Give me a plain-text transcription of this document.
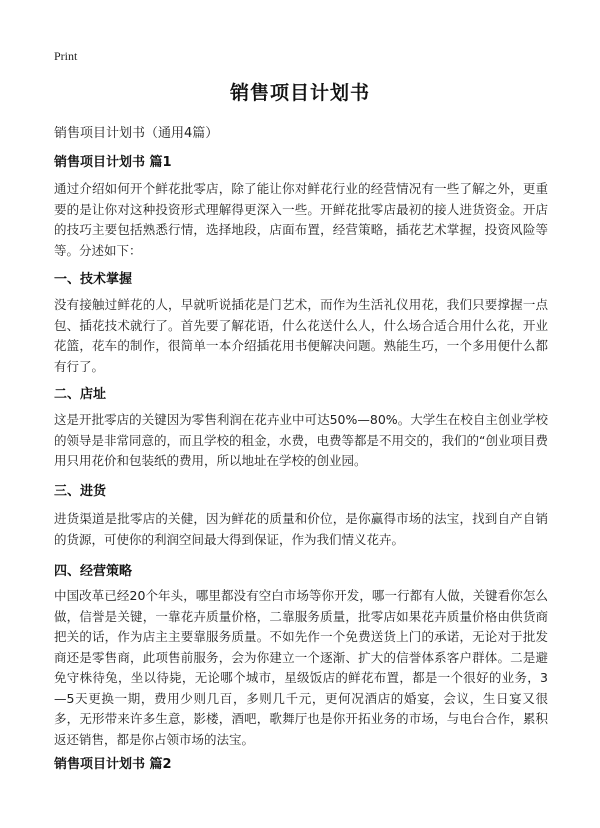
Print
销售项目计划书
销售项目计划书（通用4篇）
销售项目计划书 篇1
通过介绍如何开个鲜花批零店，除了能让你对鲜花行业的经营情况有一些了解之外，更重要的是让你对这种投资形式理解得更深入一些。开鲜花批零店最初的接人进货资金。开店的技巧主要包括熟悉行情，选择地段，店面布置，经营策略，插花艺术掌握，投资风险等等。分述如下：
一、技术掌握
没有接触过鲜花的人，早就听说插花是门艺术，而作为生活礼仪用花，我们只要撑握一点包、插花技术就行了。首先要了解花语，什么花送什么人，什么场合适合用什么花，开业花篮，花车的制作，很简单一本介绍插花用书便解决问题。熟能生巧，一个多用便什么都有行了。
二、店址
这是开批零店的关键因为零售利润在花卉业中可达50%—80%。大学生在校自主创业学校的领导是非常同意的，而且学校的租金，水费，电费等都是不用交的，我们的“创业项目费用只用花价和包装纸的费用，所以地址在学校的创业园。
三、进货
进货渠道是批零店的关健，因为鲜花的质量和价位，是你赢得市场的法宝，找到自产自销的货源，可使你的利润空间最大得到保证，作为我们情义花卉。
四、经营策略
中国改革已经20个年头，哪里都没有空白市场等你开发，哪一行都有人做，关键看你怎么做，信誉是关键，一靠花卉质量价格，二靠服务质量，批零店如果花卉质量价格由供货商把关的话，作为店主主要靠服务质量。不如先作一个免费送货上门的承诺，无论对于批发商还是零售商，此项售前服务，会为你建立一个逐渐、扩大的信誉体系客户群体。二是避免守株待兔，坐以待毙，无论哪个城市，星级饭店的鲜花布置，都是一个很好的业务，3—5天更换一期，费用少则几百，多则几千元，更何况酒店的婚宴，会议，生日宴又很多，无形带来许多生意，影楼，酒吧，歌舞厅也是你开拓业务的市场，与电台合作，累积返还销售，都是你占领市场的法宝。
销售项目计划书 篇2
